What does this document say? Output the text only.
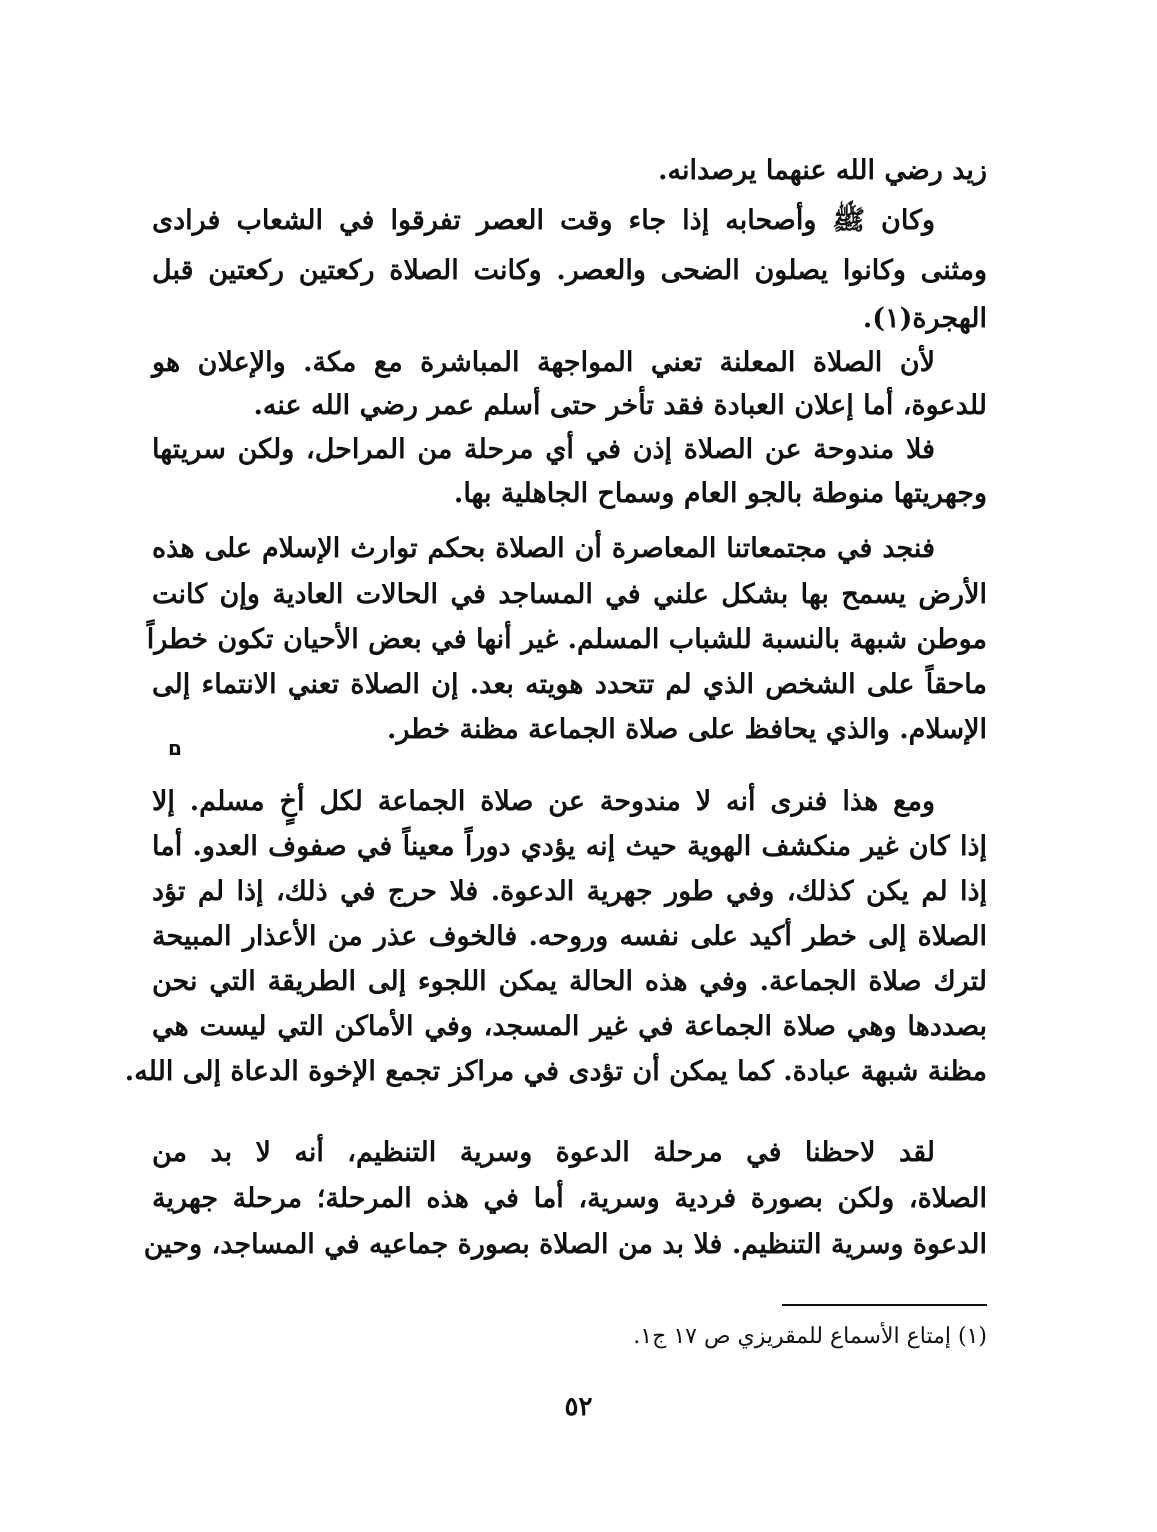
زيد رضي الله عنهما يرصدانه.
وكان ﷺ وأصحابه إذا جاء وقت العصر تفرقوا في الشعاب فرادى
ومثنى وكانوا يصلون الضحى والعصر. وكانت الصلاة ركعتين ركعتين قبل
الهجرة(١).
لأن الصلاة المعلنة تعني المواجهة المباشرة مع مكة. والإعلان هو
للدعوة، أما إعلان العبادة فقد تأخر حتى أسلم عمر رضي الله عنه.
فلا مندوحة عن الصلاة إذن في أي مرحلة من المراحل، ولكن سريتها
وجهريتها منوطة بالجو العام وسماح الجاهلية بها.
فنجد في مجتمعاتنا المعاصرة أن الصلاة بحكم توارث الإسلام على هذه
الأرض يسمح بها بشكل علني في المساجد في الحالات العادية وإن كانت
موطن شبهة بالنسبة للشباب المسلم. غير أنها في بعض الأحيان تكون خطراً
ماحقاً على الشخص الذي لم تتحدد هويته بعد. إن الصلاة تعني الانتماء إلى
الإسلام. والذي يحافظ على صلاة الجماعة مظنة خطر.
ם
ومع هذا فنرى أنه لا مندوحة عن صلاة الجماعة لكل أخٍ مسلم. إلا
إذا كان غير منكشف الهوية حيث إنه يؤدي دوراً معيناً في صفوف العدو. أما
إذا لم يكن كذلك، وفي طور جهرية الدعوة. فلا حرج في ذلك، إذا لم تؤد
الصلاة إلى خطر أكيد على نفسه وروحه. فالخوف عذر من الأعذار المبيحة
لترك صلاة الجماعة. وفي هذه الحالة يمكن اللجوء إلى الطريقة التي نحن
بصددها وهي صلاة الجماعة في غير المسجد، وفي الأماكن التي ليست هي
مظنة شبهة عبادة. كما يمكن أن تؤدى في مراكز تجمع الإخوة الدعاة إلى الله.
لقد لاحظنا في مرحلة الدعوة وسرية التنظيم، أنه لا بد من
الصلاة، ولكن بصورة فردية وسرية، أما في هذه المرحلة؛ مرحلة جهرية
الدعوة وسرية التنظيم. فلا بد من الصلاة بصورة جماعيه في المساجد، وحين
(١) إمتاع الأسماع للمقريزي ص ١٧ ج١.
٥٢
